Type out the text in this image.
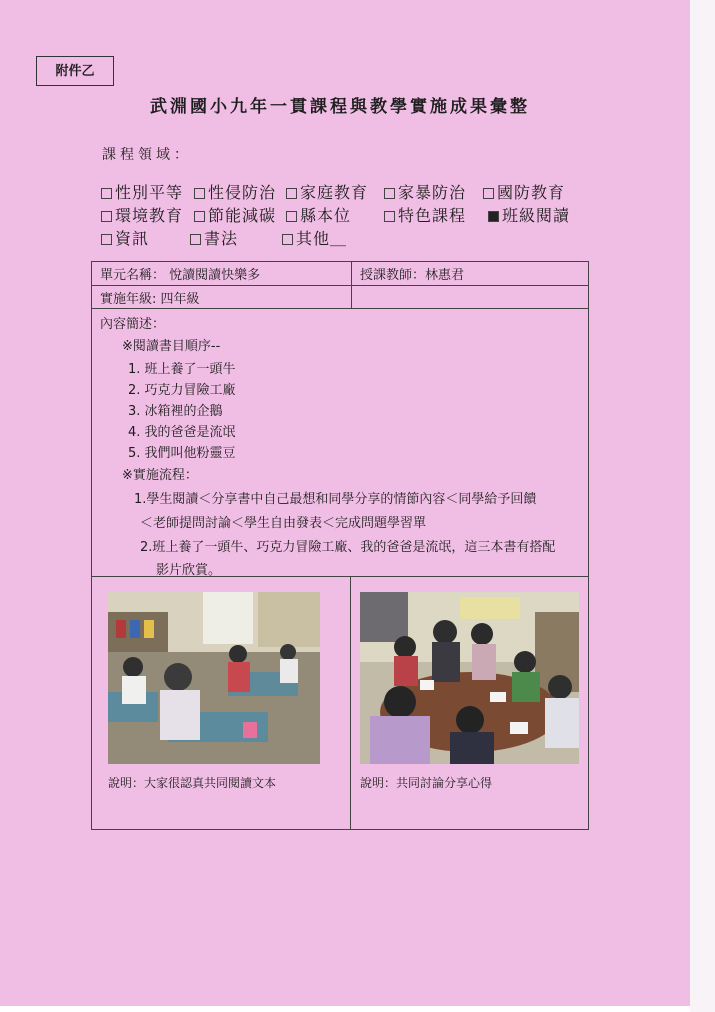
附件乙
武淵國小九年一貫課程與教學實施成果彙整
課程領域：
性別平等	性侵防治	家庭教育	家暴防治	國防教育
環境教育	節能減碳	縣本位	特色課程	班級閱讀
資訊	書法	其他＿
單元名稱： 悅讀閱讀快樂多	授課教師：林惠君
實施年級: 四年級	
內容簡述：
※閱讀書目順序--
1. 班上養了一頭牛
2. 巧克力冒險工廠
3. 冰箱裡的企鵝
4. 我的爸爸是流氓
5. 我們叫他粉靈豆
※實施流程：
1.學生閱讀＜分享書中自己最想和同學分享的情節內容＜同學給予回饋
＜老師提問討論＜學生自由發表＜完成問題學習單
2.班上養了一頭牛、巧克力冒險工廠、我的爸爸是流氓，這三本書有搭配
影片欣賞。
說明：大家很認真共同閱讀文本	說明：共同討論分享心得
